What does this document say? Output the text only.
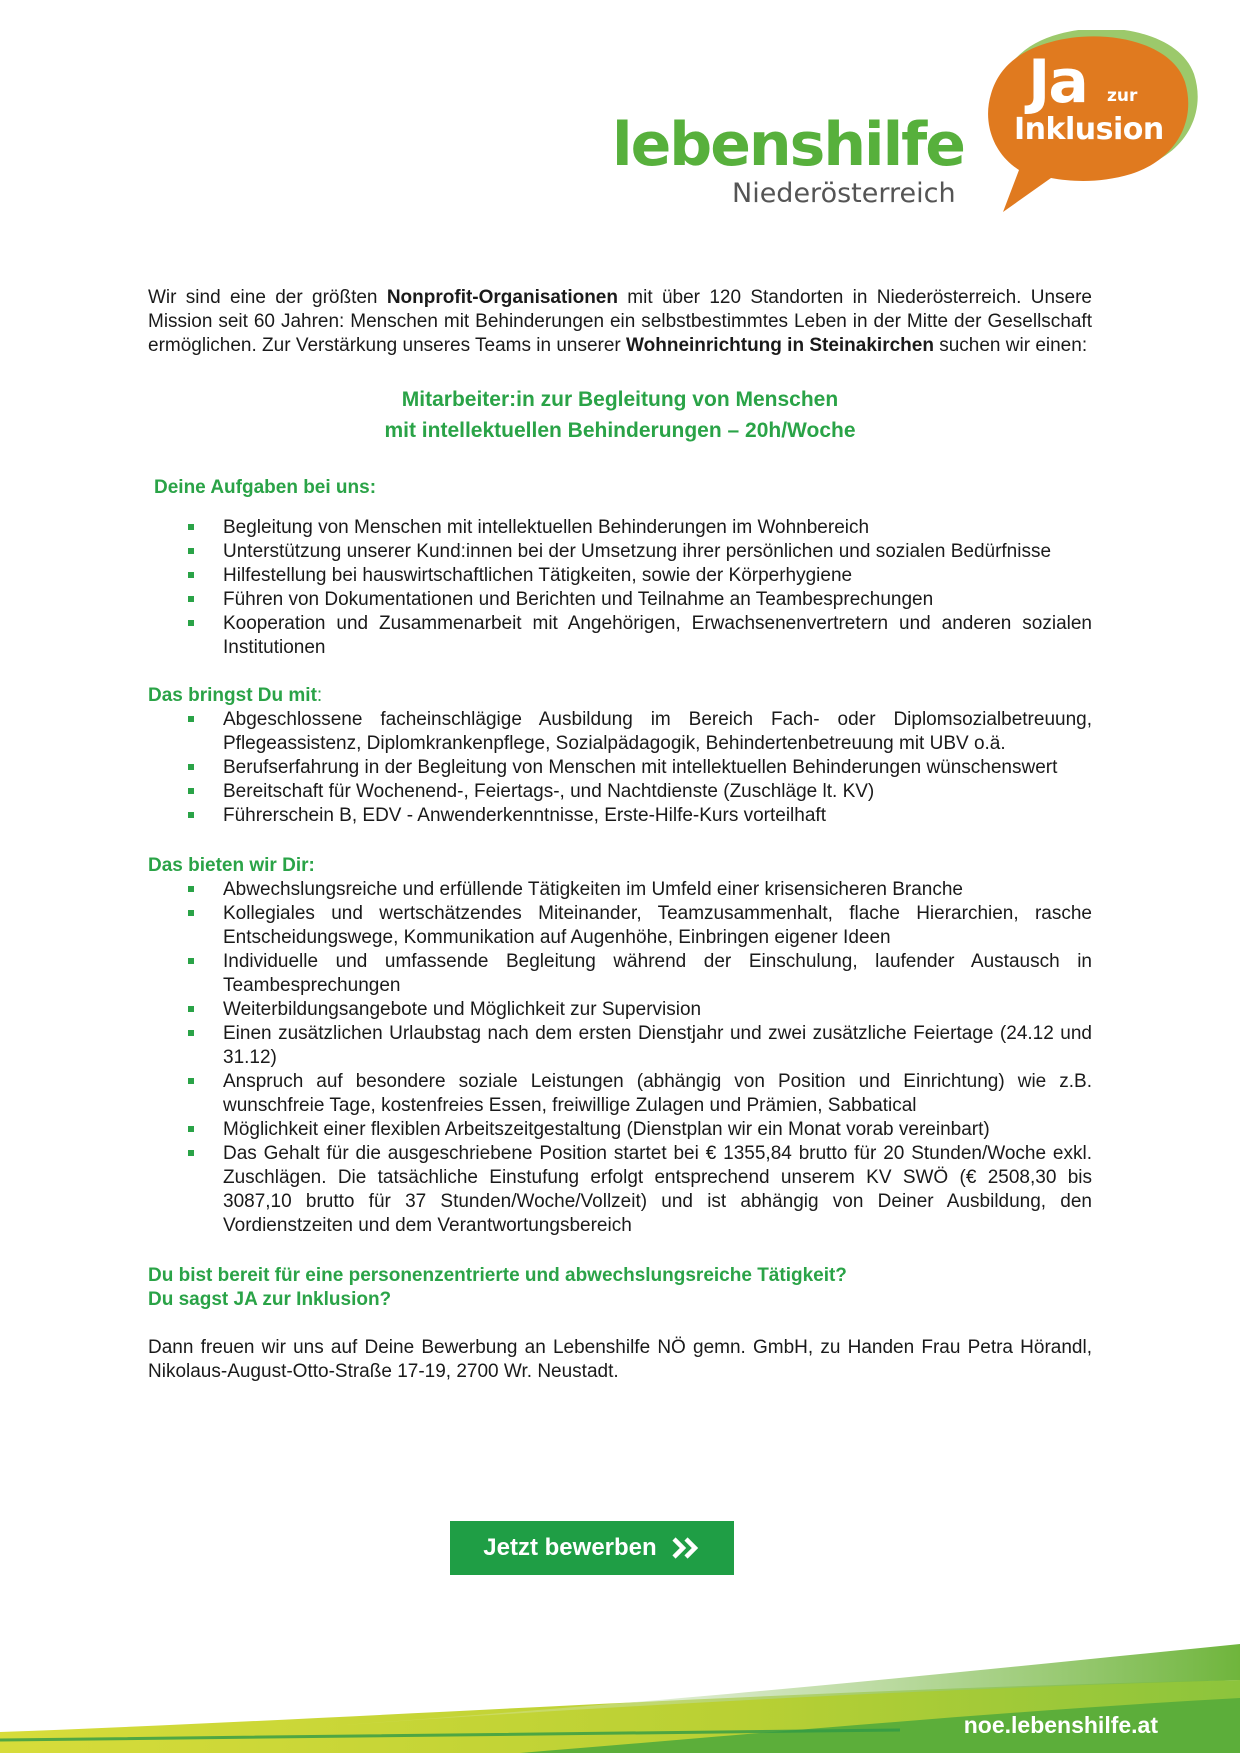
lebenshilfe
Niederösterreich
Ja zur
Inklusion

Wir sind eine der größten Nonprofit-Organisationen mit über 120 Standorten in Niederösterreich. Unsere Mission seit 60 Jahren: Menschen mit Behinderungen ein selbstbestimmtes Leben in der Mitte der Gesellschaft ermöglichen. Zur Verstärkung unseres Teams in unserer Wohneinrichtung in Steinakirchen suchen wir einen:

Mitarbeiter:in zur Begleitung von Menschen
mit intellektuellen Behinderungen – 20h/Woche
Deine Aufgaben bei uns:
Begleitung von Menschen mit intellektuellen Behinderungen im Wohnbereich
Unterstützung unserer Kund:innen bei der Umsetzung ihrer persönlichen und sozialen Bedürfnisse
Hilfestellung bei hauswirtschaftlichen Tätigkeiten, sowie der Körperhygiene
Führen von Dokumentationen und Berichten und Teilnahme an Teambesprechungen
Kooperation und Zusammenarbeit mit Angehörigen, Erwachsenenvertretern und anderen sozialen Institutionen
Das bringst Du mit:
Abgeschlossene facheinschlägige Ausbildung im Bereich Fach- oder Diplomsozialbetreuung, Pflegeassistenz, Diplomkrankenpflege, Sozialpädagogik, Behindertenbetreuung mit UBV o.ä.
Berufserfahrung in der Begleitung von Menschen mit intellektuellen Behinderungen wünschenswert
Bereitschaft für Wochenend-, Feiertags-, und Nachtdienste (Zuschläge lt. KV)
Führerschein B, EDV - Anwenderkenntnisse, Erste-Hilfe-Kurs vorteilhaft
Das bieten wir Dir:
Abwechslungsreiche und erfüllende Tätigkeiten im Umfeld einer krisensicheren Branche
Kollegiales und wertschätzendes Miteinander, Teamzusammenhalt, flache Hierarchien, rasche Entscheidungswege, Kommunikation auf Augenhöhe, Einbringen eigener Ideen
Individuelle und umfassende Begleitung während der Einschulung, laufender Austausch in Teambesprechungen
Weiterbildungsangebote und Möglichkeit zur Supervision
Einen zusätzlichen Urlaubstag nach dem ersten Dienstjahr und zwei zusätzliche Feiertage (24.12 und 31.12)
Anspruch auf besondere soziale Leistungen (abhängig von Position und Einrichtung) wie z.B. wunschfreie Tage, kostenfreies Essen, freiwillige Zulagen und Prämien, Sabbatical
Möglichkeit einer flexiblen Arbeitszeitgestaltung (Dienstplan wir ein Monat vorab vereinbart)
Das Gehalt für die ausgeschriebene Position startet bei € 1355,84 brutto für 20 Stunden/Woche exkl. Zuschlägen. Die tatsächliche Einstufung erfolgt entsprechend unserem KV SWÖ (€ 2508,30 bis 3087,10 brutto für 37 Stunden/Woche/Vollzeit) und ist abhängig von Deiner Ausbildung, den Vordienstzeiten und dem Verantwortungsbereich
Du bist bereit für eine personenzentrierte und abwechslungsreiche Tätigkeit?
Du sagst JA zur Inklusion?

Dann freuen wir uns auf Deine Bewerbung an Lebenshilfe NÖ gemn. GmbH, zu Handen Frau Petra Hörandl, Nikolaus-August-Otto-Straße 17-19, 2700 Wr. Neustadt.

Jetzt bewerben
noe.lebenshilfe.at
